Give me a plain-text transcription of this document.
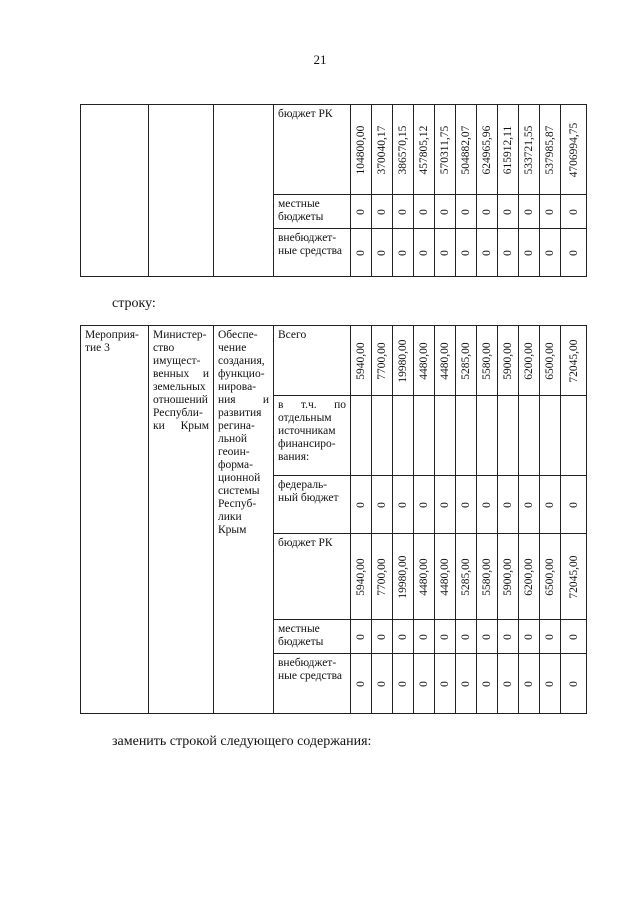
21

			бюджет РК	104800,00	370040,17	386570,15	457805,12	570311,75	504882,07	624965,96	615912,11	533721,55	537985,87	4706994,75

			местные бюджеты	0	0	0	0	0	0	0	0	0	0	0

			внебюджет-ные средства	0	0	0	0	0	0	0	0	0	0	0
строку:
Мероприя-тие 3	Министер-ство имущест-венных и земельных отношений Республи-ки Крым	Обеспе-чение создания, функцио-нирова-ния и развития регина-льной геоин-форма-ционной системы Респуб-лики Крым	Всего	5940,00	7700,00	19980,00	4480,00	4480,00	5285,00	5580,00	5900,00	6200,00	6500,00	72045,00

			в т.ч. по отдельным источникам финансиро-вания:											

			федераль-ный бюджет	0	0	0	0	0	0	0	0	0	0	0

			бюджет РК	5940,00	7700,00	19980,00	4480,00	4480,00	5285,00	5580,00	5900,00	6200,00	6500,00	72045,00

			местные бюджеты	0	0	0	0	0	0	0	0	0	0	0

			внебюджет-ные средства	0	0	0	0	0	0	0	0	0	0	0
заменить строкой следующего содержания:
